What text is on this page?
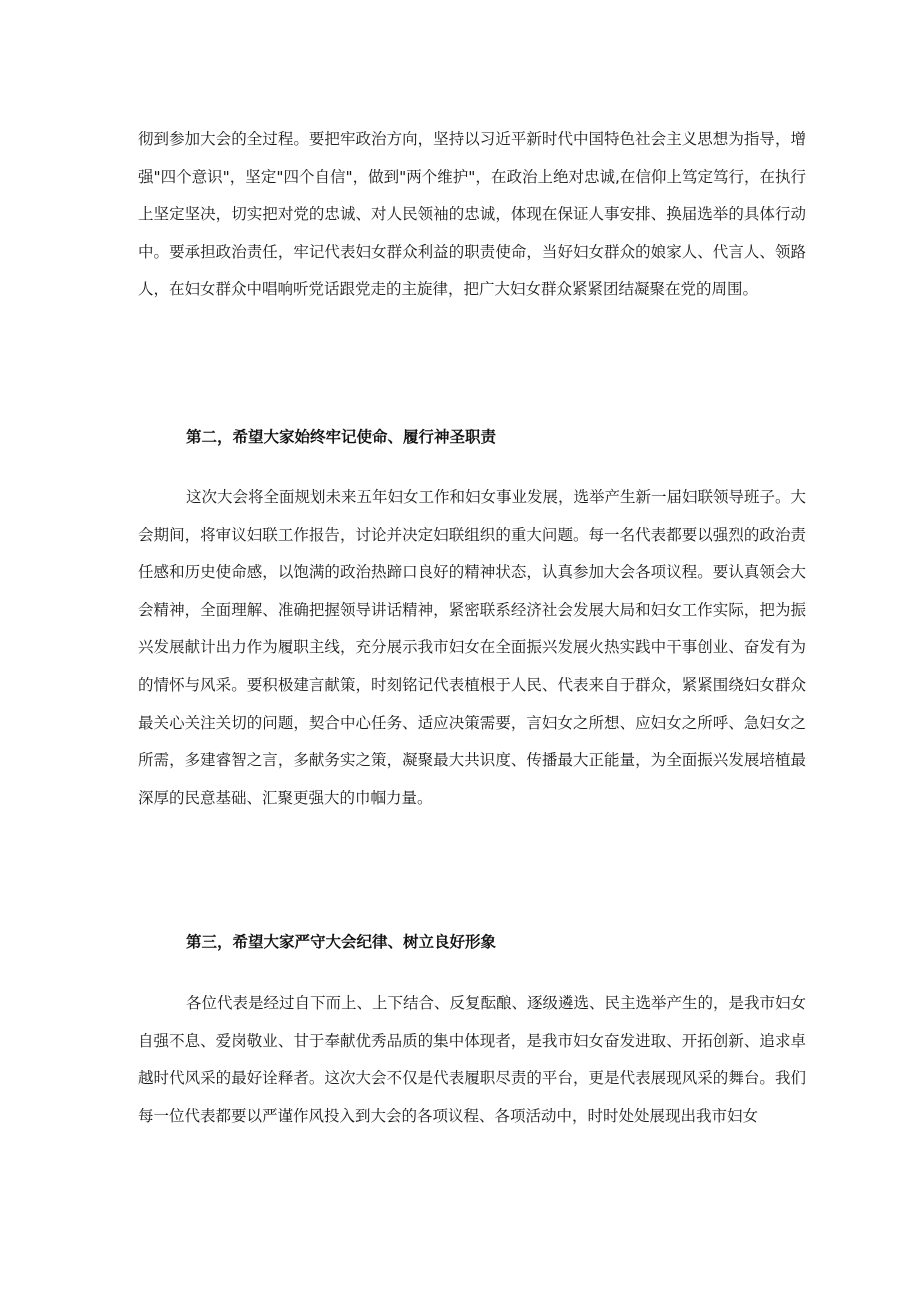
彻到参加大会的全过程。要把牢政治方向，坚持以习近平新时代中国特色社会主义思想为指导，增强"四个意识"，坚定"四个自信"，做到"两个维护"，在政治上绝对忠诚,在信仰上笃定笃行，在执行上坚定坚决，切实把对党的忠诚、对人民领袖的忠诚，体现在保证人事安排、换届选举的具体行动中。要承担政治责任，牢记代表妇女群众利益的职责使命，当好妇女群众的娘家人、代言人、领路人，在妇女群众中唱响听党话跟党走的主旋律，把广大妇女群众紧紧团结凝聚在党的周围。

第二，希望大家始终牢记使命、履行神圣职责

这次大会将全面规划未来五年妇女工作和妇女事业发展，选举产生新一届妇联领导班子。大会期间，将审议妇联工作报告，讨论并决定妇联组织的重大问题。每一名代表都要以强烈的政治责任感和历史使命感，以饱满的政治热蹄口良好的精神状态，认真参加大会各项议程。要认真领会大会精神，全面理解、准确把握领导讲话精神，紧密联系经济社会发展大局和妇女工作实际，把为振兴发展献计出力作为履职主线，充分展示我市妇女在全面振兴发展火热实践中干事创业、奋发有为的情怀与风采。要积极建言献策，时刻铭记代表植根于人民、代表来自于群众，紧紧围绕妇女群众最关心关注关切的问题，契合中心任务、适应决策需要，言妇女之所想、应妇女之所呼、急妇女之所需，多建睿智之言，多献务实之策，凝聚最大共识度、传播最大正能量，为全面振兴发展培植最深厚的民意基础、汇聚更强大的巾帼力量。

第三，希望大家严守大会纪律、树立良好形象

各位代表是经过自下而上、上下结合、反复酝酿、逐级遴选、民主选举产生的，是我市妇女自强不息、爱岗敬业、甘于奉献优秀品质的集中体现者，是我市妇女奋发进取、开拓创新、追求卓越时代风采的最好诠释者。这次大会不仅是代表履职尽责的平台，更是代表展现风采的舞台。我们每一位代表都要以严谨作风投入到大会的各项议程、各项活动中，时时处处展现出我市妇女
